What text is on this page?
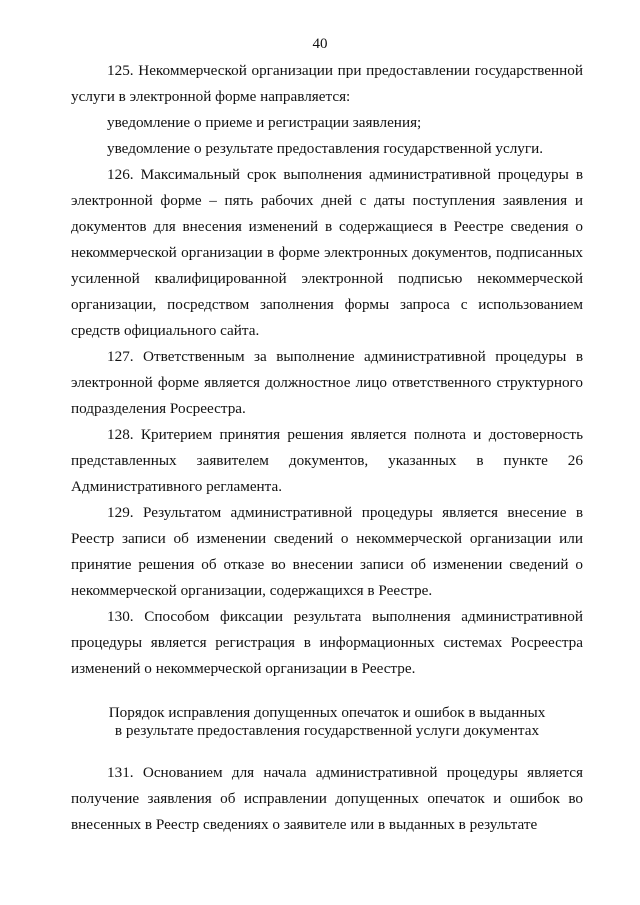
40

125. Некоммерческой организации при предоставлении государственной услуги в электронной форме направляется:

уведомление о приеме и регистрации заявления;

уведомление о результате предоставления государственной услуги.

126. Максимальный срок выполнения административной процедуры в электронной форме – пять рабочих дней с даты поступления заявления и документов для внесения изменений в содержащиеся в Реестре сведения о некоммерческой организации в форме электронных документов, подписанных усиленной квалифицированной электронной подписью некоммерческой организации, посредством заполнения формы запроса с использованием средств официального сайта.

127. Ответственным за выполнение административной процедуры в электронной форме является должностное лицо ответственного структурного подразделения Росреестра.

128. Критерием принятия решения является полнота и достоверность представленных заявителем документов, указанных в пункте 26 Административного регламента.

129. Результатом административной процедуры является внесение в Реестр записи об изменении сведений о некоммерческой организации или принятие решения об отказе во внесении записи об изменении сведений о некоммерческой организации, содержащихся в Реестре.

130. Способом фиксации результата выполнения административной процедуры является регистрация в информационных системах Росреестра изменений о некоммерческой организации в Реестре.

Порядок исправления допущенных опечаток и ошибок в выданных
в результате предоставления государственной услуги документах

131. Основанием для начала административной процедуры является получение заявления об исправлении допущенных опечаток и ошибок во внесенных в Реестр сведениях о заявителе или в выданных в результате
